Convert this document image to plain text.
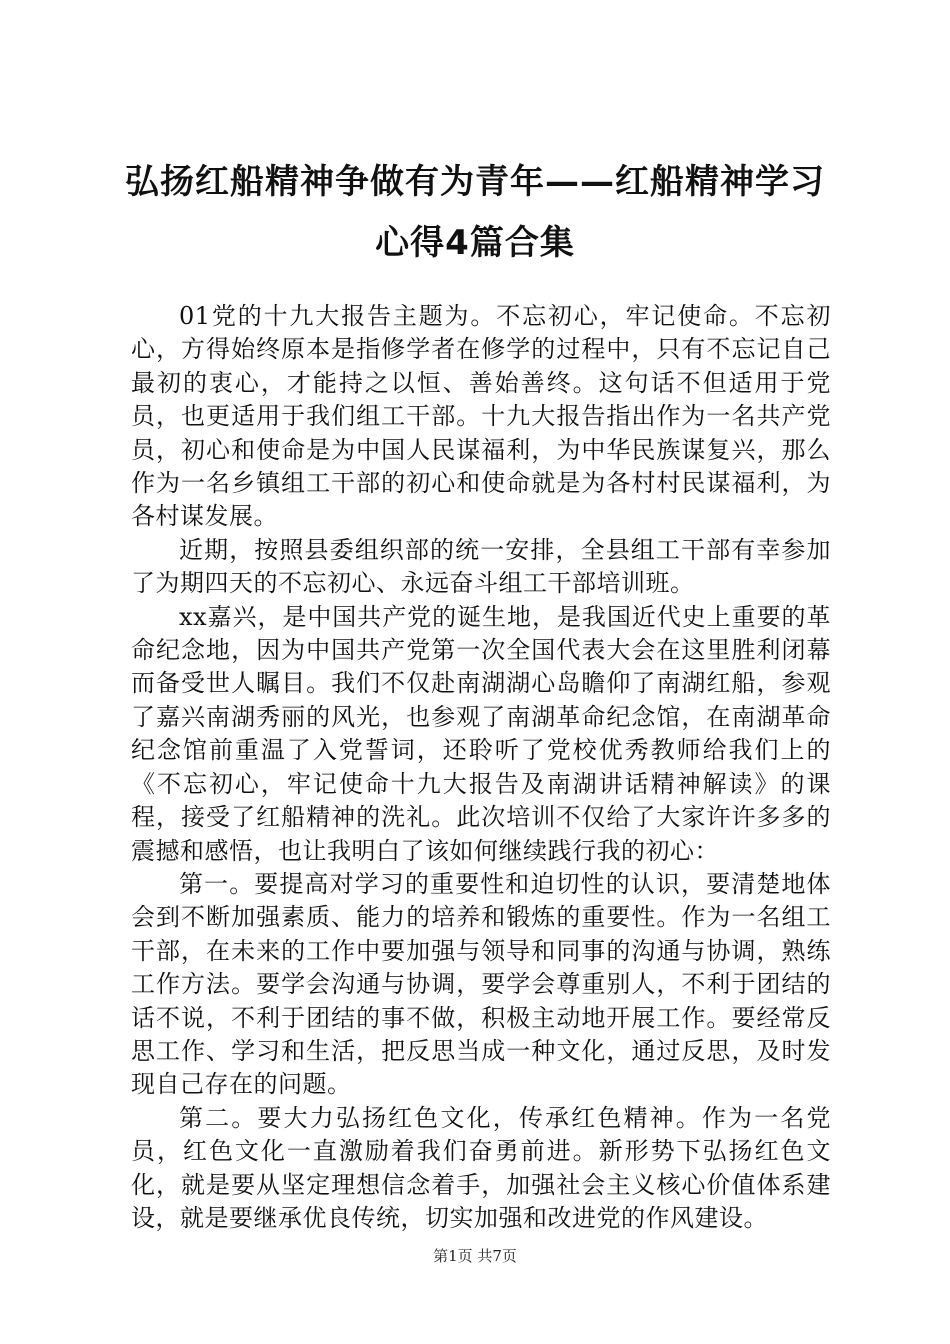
弘扬红船精神争做有为青年——红船精神学习
心得4篇合集

01党的十九大报告主题为。不忘初心，牢记使命。不忘初心，方得始终原本是指修学者在修学的过程中，只有不忘记自己最初的衷心，才能持之以恒、善始善终。这句话不但适用于党员，也更适用于我们组工干部。十九大报告指出作为一名共产党员，初心和使命是为中国人民谋福利，为中华民族谋复兴，那么作为一名乡镇组工干部的初心和使命就是为各村村民谋福利，为各村谋发展。

近期，按照县委组织部的统一安排，全县组工干部有幸参加了为期四天的不忘初心、永远奋斗组工干部培训班。

xx嘉兴，是中国共产党的诞生地，是我国近代史上重要的革命纪念地，因为中国共产党第一次全国代表大会在这里胜利闭幕而备受世人瞩目。我们不仅赴南湖湖心岛瞻仰了南湖红船，参观了嘉兴南湖秀丽的风光，也参观了南湖革命纪念馆，在南湖革命纪念馆前重温了入党誓词，还聆听了党校优秀教师给我们上的《不忘初心，牢记使命十九大报告及南湖讲话精神解读》的课程，接受了红船精神的洗礼。此次培训不仅给了大家许许多多的震撼和感悟，也让我明白了该如何继续践行我的初心：

第一。要提高对学习的重要性和迫切性的认识，要清楚地体会到不断加强素质、能力的培养和锻炼的重要性。作为一名组工干部，在未来的工作中要加强与领导和同事的沟通与协调，熟练工作方法。要学会沟通与协调，要学会尊重别人，不利于团结的话不说，不利于团结的事不做，积极主动地开展工作。要经常反思工作、学习和生活，把反思当成一种文化，通过反思，及时发现自己存在的问题。

第二。要大力弘扬红色文化，传承红色精神。作为一名党员，红色文化一直激励着我们奋勇前进。新形势下弘扬红色文化，就是要从坚定理想信念着手，加强社会主义核心价值体系建设，就是要继承优良传统，切实加强和改进党的作风建设。

第1页 共7页
